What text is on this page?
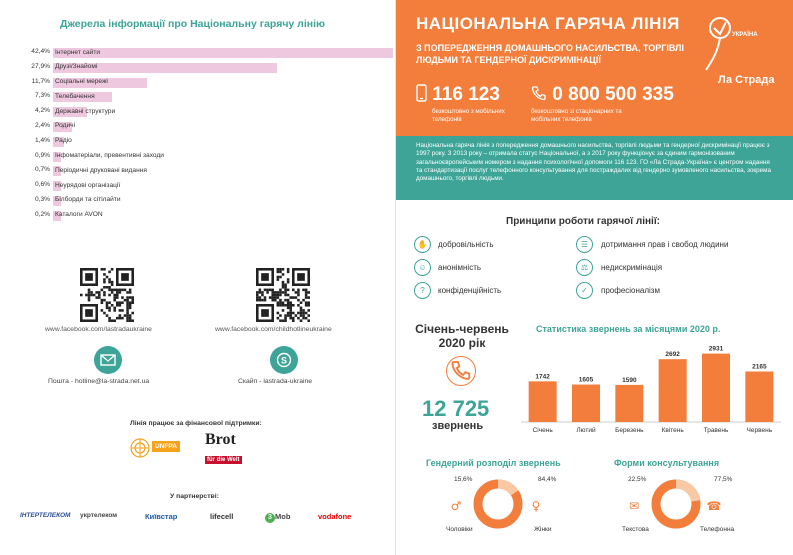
Джерела інформації про Національну гарячу лінію
42,4% Інтернет сайти
27,9% Друзі/Знайомі
11,7% Соціальні мережі
7,3% Телебачення
4,2% Державні структури
2,4% Родичі
1,4% Радіо
0,9% Інфоматеріали, превентивні заходи
0,7% Періодичні друковані видання
0,6% Неурядові організації
0,3% Білборди та сітілайти
0,2% Каталоги AVON
www.facebook.com/lastradaukraine	www.facebook.com/childhotlineukraine
S
Пошта - hotline@la-strada.net.ua	Скайп - lastrada-ukraine
Лінія працює за фінансової підтримки:
UNFPA Brot
für die Welt
У партнерстві:
ІНТЕРТЕЛЕКОМ укртелеком	Київстар	lifecell	3 Mob	vodafone
НАЦІОНАЛЬНА ГАРЯЧА ЛІНІЯ
З ПОПЕРЕДЖЕННЯ ДОМАШНЬОГО НАСИЛЬСТВА, ТОРГІВЛІ ЛЮДЬМИ ТА ГЕНДЕРНОЇ ДИСКРИМІНАЦІЇ
116 123
безкоштовно з мобільних телефонів
0 800 500 335
безкоштовно зі стаціонарних та мобільних телефонів
УКРАЇНА
Ла Страда

Національна гаряча лінія з попередження домашнього насильства, торгівлі людьми та гендерної дискримінації працює з 1997 року. З 2013 року – отримала статус Національної, а з 2017 року функціонує за єдиним гармонізованим загальноєвропейським номером з надання психологічної допомоги 116 123. ГО «Ла Страда-Україна» є центром надання та стандартизації послуг телефонного консультування для постраждалих від гендерно зумовленого насильства, зокрема домашнього, торгівлі людьми.

Принципи роботи гарячої лінії:
✋	добровільність
☺	анонімність
?	конфіденційність
☰	дотримання прав і свобод людини
⚖	недискримінація
✓	професіоналізм
Січень-червень 2020 рік
12 725
звернень
Статистика звернень за місяцями 2020 р.
1742
Січень
1605
Лютий
1590
Березень
2692
Квітень
2931
Травень
2165
Червень
Гендерний розподіл звернень	Форми консультування
♂	♀	✉	☎
15,6%	84,4%
Чоловіки	Жінки
22,5%	77,5%
Текстова	Телефонна
